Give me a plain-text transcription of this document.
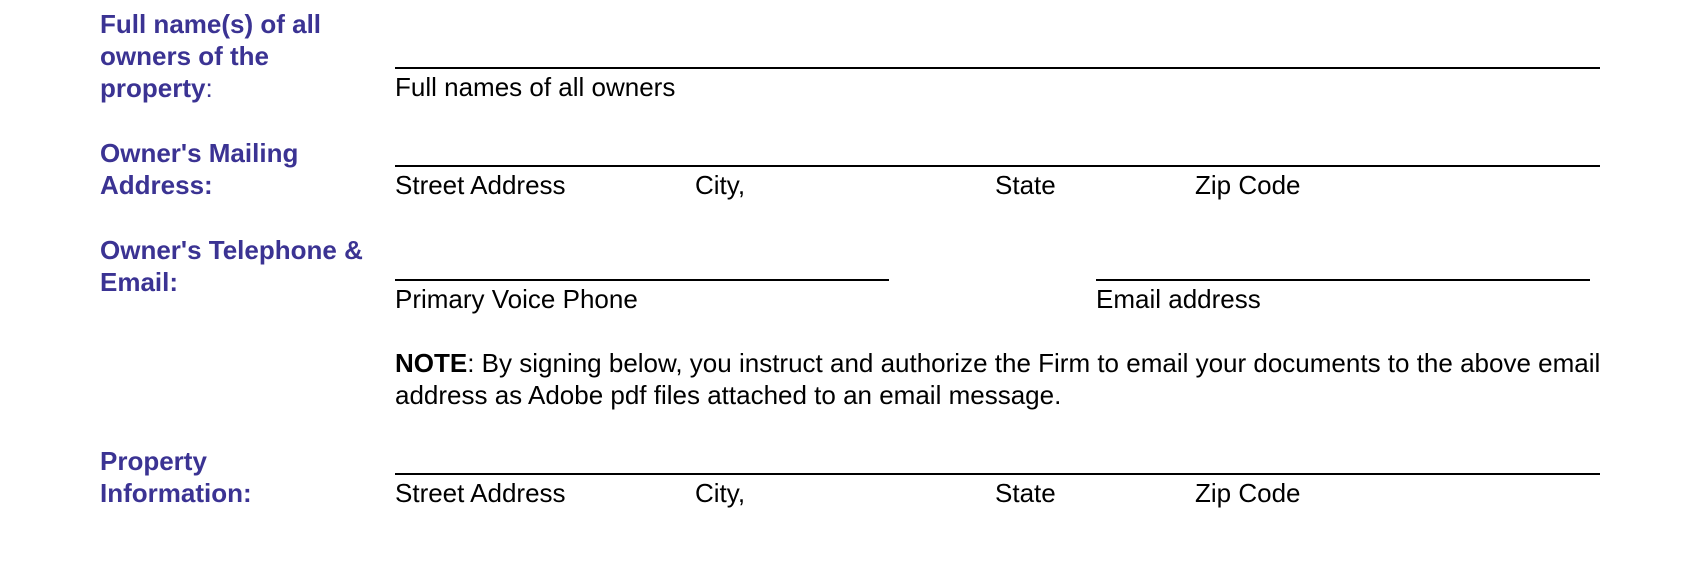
Full name(s) of all owners of the property:	Full names of all owners
Owner's Mailing Address:	Street Address	City,	State	Zip Code
Owner's Telephone & Email:
Primary Voice Phone	Email address
NOTE: By signing below, you instruct and authorize the Firm to email your documents to the above email address as Adobe pdf files attached to an email message.
Property Information:	Street Address	City,	State	Zip Code
